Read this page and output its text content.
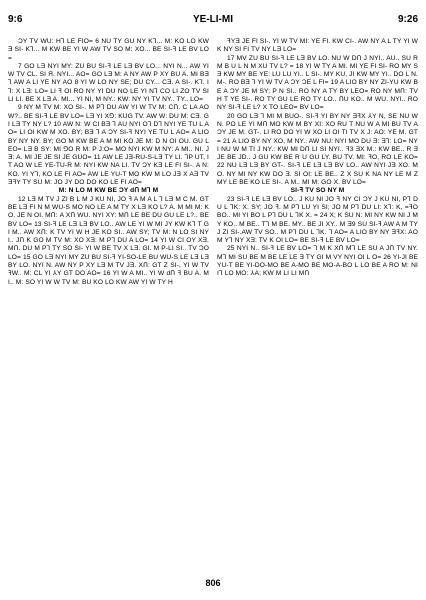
9:6	YE-LI-MI	9:26

ƆY TV WU: H⅂ LE FIO= 6 NU TY GU NY K⅂... M: KO LO KW Ǝ SI- K⅂... M KW BE YI W AW TV SO M: XO... BE SI-ꟻ LE BV LO=

7 GO LƎ NYI MY: ZU BU SI-ꟻ LE LƎ BV LO... NYI N... AW YI W TV CL. SI Я. NYI... AO= GO LƎ M: A NY AW P XY BU A. MI BƎ ⅂ AW A LI YE NY AO 8 YI W LO NY SE; DU CY... CƎ. A SI-. K⅂. I⅂: X LƎ: LO= LI ꟻ OI RO NY YI DU NO LE YI N⅂ CO LI ZO TV SI LI LI. BE X LƎ A. MI... YI NI, M NY.: KW: NY YI TV NY.. TY.. LO=

9 NY M TV M: XO SI-. M P⅂ DU AW YI W TV M: CՈ. C LA AO W?.. BE SI-ꟻ LE BV LO= LƎ YI X⅁: KUG TV. AW W: DU M: CƎ. GI LƎ TY NY L? 10 AW N: W CI BƎ ⅂ AU NYI O⅂ D⅂ NYI YE TU L AO= LI OI KW M XO. BY; BƎ ⅂ A ƆY SI-ꟻ NYI YE TU L AO= A LIO BY NY NY. BY; GO M KW BE A M MI KO JE M: D N OI OU. GU LEO= LƎ B SY: MI ⅁O R M: P J:O= MO NYI KW M NY: A MI.. NI. JƎ: A. MI JE JE SI JE GUO= 11 AW LE JƎ-RU-S-LƎ TY LI. ⅂P UT, IT AO W LE YE-TU-R M: NYI KW NA LI. TV ƆY KƎ LE FI SI-. A N: KO. YI Y⅂, KO LE FI AO= AW LE YU-T MO KW M LO JƎ X AƎ TV ƎꟻY TY SU M: JO JY DO DO KO LE FI AO=

M: N LO M KW BE ƆY dՈ M⅂ M

12 LƎ M TV J ZI B L M J KU NI, JO ꟻ A M A L ⅂ LƎ M C M. GT BE LƎ FI N M WU-S MO NO LE A M TY X LƎ KO L? A. M MI M: KO. JE N OI. MՈ: A XՈ WU. NYI XY: MՈ LE BE DU GU LE L?.. BE BV LO= 13 SI-ꟻ LE LƎ LƎ BV LO.. AW LE YI W MI JY KW K⅂ T GI M.. AW XՈ: K TV YI W H JE KO SI.. AW SY; TV M: N LO SI NYI.. JՈ K GO M TV M: XO XƎ: M P⅂ DU A LO= 14 YI W CI OY XƎ. MՈ. DU M P⅂ TY SO SI- YI W BE TV X LƎ. GI. M P-LI SI.. TV ƆO LO= 15 GO LƎ NYI MY ZU BU SI-ꟻ YI-SO-LE BU WU-S LE LƎ LƎ BY LO. NYI N. AW NY P XY LƎ M TV JƎ. XՈ: GT Z SI-, YI W TV ꟻW.. M: CL YI ⅄Y GT DO AO= 16 YI W A MI.. YI W dՈ ꟻ BU A. MI.. M: SO YI W W TV M: BU KO LO KW AW YI W TY H

ꟻYƎ JE FI SI-. YI W TV MI: YE FI. KW CI-. AW NY A L TY YI W K NY SI FI TV NY LƎ LO=

17 MV ZU BU SI-ꟻ LE LƎ BV LO. NU W DՈ J NYI.. AU.. SU R M B U L N M XU TV L? = 18 YI W TY A MI. MI YE FI SI- RO MY SƎ KW MY BE YE: LU LU YI.. L SI-. MY KU, JI KW MY YI.. DO L N. M-. RO BƎ ⅂ YI W TV A ƆY ƆE L FI= 19 A LIO BY NY ZI-YU KW BE A ƆY JE M SY; P N SI.. RO NY A TY BY LEO= RO NY MՈ: TV H T YE SI-. RO TY GU LE RO TY LO.. ՈU KO.. M WU. NYI.. RO NY SI-ꟻ LE L? X TO LEO= BV LO=

20 GO LƎ ⅂ MI M BUO-. SI-ꟻ YI BY NY ƎꟻX ⅄Y N, SE NU W N. PO LE YI MՈ MO KW M BY XI: XO RU T NU W A MI BU TV A ƆY JE M. GT-. LI RO DO YI W XO LI OI TI TV X J: AO: YE M. GT= 21 A LIO BY NY XO, M NY.. AW NU: NYI MO DU Ǝ: Ǝ⅂: LO= NYI NU W M TI J NY.: KW MI DՈ LI SI NYI.. ꟻ3 ƎX M.: KW BE.. R Ǝ JE BE JD.. J GU KW BE R U GU LY. BU TV. MI: ꟻO, RO LE KO= 22 NU LƎ LƎ BY GT-. SI-ꟻ LE LƎ LƎ BV LO.. AW NYI JƎ XO. MO. NY MI NY KW DO Ǝ. SI OI: LE BE.. Z X SU K NA NY LE M Z MY LE BE KO LE SI-. A M.. MI M: GO X. BV LO=

SI-ꟻ TV SO NY M

23 SI-ꟻ LE LƎ BV LO.. J KU NI JO ꟻ NY CI ƆY J KU NI, P⅂ DU L ⅂K: X. SY; JO ꟻ. M P⅂ LU YI SI; JO M P⅂ DU LI: X⅂: K, =ꟻO BO.. MI YI BO L P⅂ DU L ⅂K X. = 24 X; K SU N: MI NY KW NI J MY KO.. M BE.. T⅂ M BE. MY.. BE JI XY.. M Ǝ9 SU SI-ꟻ AW A M TY J ZI SI-.AW TV SO.. M P⅂ DU L ⅂K. ⅂ AO= A LIO BY NY ƎꟻX: AO M Y⅂ NY XƎ: TV K OI LO= BE SI-ꟻ LE BV LO=

25 NYI N.. SI-ꟻ LE BV LO= ⅂ M K XՈ M⅂ LE SU A JՈ TV NY. M⅂ MI SU BE M BE LE LE Ǝ TY GI M VY NYI OI L O= 26 YI-JI BE YU-T BE YI-DO-MO BE A-MO BE MO-A-BO L LO BE A RO M: NI I⅂ LO MO: ⅄A; KW M LI LI MՈ

806
